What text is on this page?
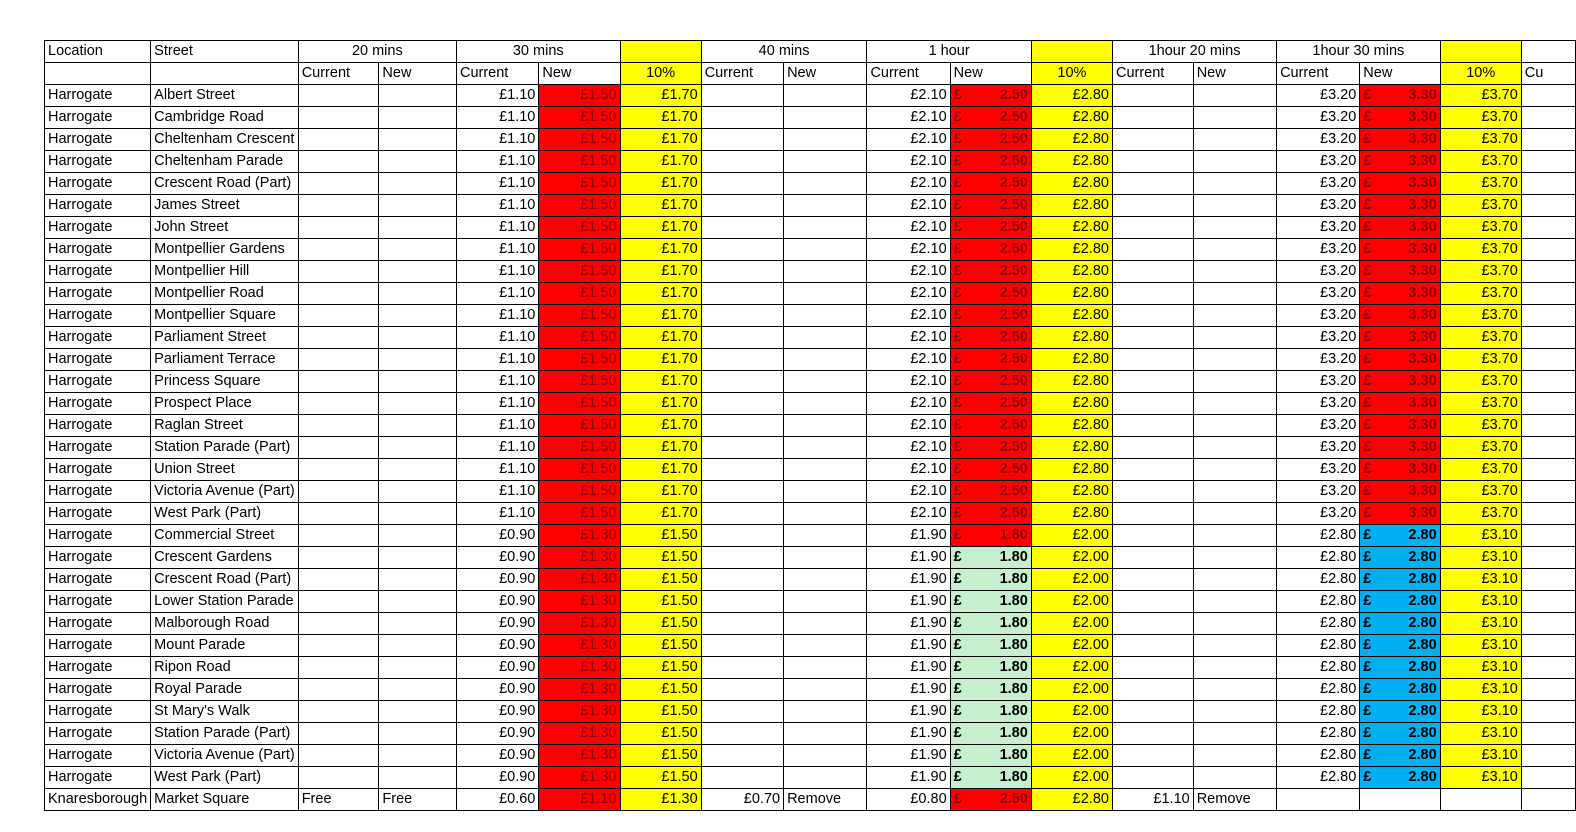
Location	Street	20 mins		30 mins			40 mins		1 hour			1hour 20 mins		1hour 30 mins			
		Current	New	Current	New	10%	Current	New	Current	New	10%	Current	New	Current	New	10%	Cu
Harrogate	Albert Street			£1.10	£1.50	£1.70			£2.10	£ 2.50	£2.80			£3.20	£ 3.30	£3.70	
Harrogate	Cambridge Road			£1.10	£1.50	£1.70			£2.10	£ 2.50	£2.80			£3.20	£ 3.30	£3.70	
Harrogate	Cheltenham Crescent			£1.10	£1.50	£1.70			£2.10	£ 2.50	£2.80			£3.20	£ 3.30	£3.70	
Harrogate	Cheltenham Parade			£1.10	£1.50	£1.70			£2.10	£ 2.50	£2.80			£3.20	£ 3.30	£3.70	
Harrogate	Crescent Road (Part)			£1.10	£1.50	£1.70			£2.10	£ 2.50	£2.80			£3.20	£ 3.30	£3.70	
Harrogate	James Street			£1.10	£1.50	£1.70			£2.10	£ 2.50	£2.80			£3.20	£ 3.30	£3.70	
Harrogate	John Street			£1.10	£1.50	£1.70			£2.10	£ 2.50	£2.80			£3.20	£ 3.30	£3.70	
Harrogate	Montpellier Gardens			£1.10	£1.50	£1.70			£2.10	£ 2.50	£2.80			£3.20	£ 3.30	£3.70	
Harrogate	Montpellier Hill			£1.10	£1.50	£1.70			£2.10	£ 2.50	£2.80			£3.20	£ 3.30	£3.70	
Harrogate	Montpellier Road			£1.10	£1.50	£1.70			£2.10	£ 2.50	£2.80			£3.20	£ 3.30	£3.70	
Harrogate	Montpellier Square			£1.10	£1.50	£1.70			£2.10	£ 2.50	£2.80			£3.20	£ 3.30	£3.70	
Harrogate	Parliament Street			£1.10	£1.50	£1.70			£2.10	£ 2.50	£2.80			£3.20	£ 3.30	£3.70	
Harrogate	Parliament Terrace			£1.10	£1.50	£1.70			£2.10	£ 2.50	£2.80			£3.20	£ 3.30	£3.70	
Harrogate	Princess Square			£1.10	£1.50	£1.70			£2.10	£ 2.50	£2.80			£3.20	£ 3.30	£3.70	
Harrogate	Prospect Place			£1.10	£1.50	£1.70			£2.10	£ 2.50	£2.80			£3.20	£ 3.30	£3.70	
Harrogate	Raglan Street			£1.10	£1.50	£1.70			£2.10	£ 2.50	£2.80			£3.20	£ 3.30	£3.70	
Harrogate	Station Parade (Part)			£1.10	£1.50	£1.70			£2.10	£ 2.50	£2.80			£3.20	£ 3.30	£3.70	
Harrogate	Union Street			£1.10	£1.50	£1.70			£2.10	£ 2.50	£2.80			£3.20	£ 3.30	£3.70	
Harrogate	Victoria Avenue (Part)			£1.10	£1.50	£1.70			£2.10	£ 2.50	£2.80			£3.20	£ 3.30	£3.70	
Harrogate	West Park (Part)			£1.10	£1.50	£1.70			£2.10	£ 2.50	£2.80			£3.20	£ 3.30	£3.70	
Harrogate	Commercial Street			£0.90	£1.30	£1.50			£1.90	£ 1.80	£2.00			£2.80	£ 2.80	£3.10	
Harrogate	Crescent Gardens			£0.90	£1.30	£1.50			£1.90	£ 1.80	£2.00			£2.80	£ 2.80	£3.10	
Harrogate	Crescent Road (Part)			£0.90	£1.30	£1.50			£1.90	£ 1.80	£2.00			£2.80	£ 2.80	£3.10	
Harrogate	Lower Station Parade			£0.90	£1.30	£1.50			£1.90	£ 1.80	£2.00			£2.80	£ 2.80	£3.10	
Harrogate	Malborough Road			£0.90	£1.30	£1.50			£1.90	£ 1.80	£2.00			£2.80	£ 2.80	£3.10	
Harrogate	Mount Parade			£0.90	£1.30	£1.50			£1.90	£ 1.80	£2.00			£2.80	£ 2.80	£3.10	
Harrogate	Ripon Road			£0.90	£1.30	£1.50			£1.90	£ 1.80	£2.00			£2.80	£ 2.80	£3.10	
Harrogate	Royal Parade			£0.90	£1.30	£1.50			£1.90	£ 1.80	£2.00			£2.80	£ 2.80	£3.10	
Harrogate	St Mary's Walk			£0.90	£1.30	£1.50			£1.90	£ 1.80	£2.00			£2.80	£ 2.80	£3.10	
Harrogate	Station Parade (Part)			£0.90	£1.30	£1.50			£1.90	£ 1.80	£2.00			£2.80	£ 2.80	£3.10	
Harrogate	Victoria Avenue (Part)			£0.90	£1.30	£1.50			£1.90	£ 1.80	£2.00			£2.80	£ 2.80	£3.10	
Harrogate	West Park (Part)			£0.90	£1.30	£1.50			£1.90	£ 1.80	£2.00			£2.80	£ 2.80	£3.10	
Knaresborough	Market Square	Free	Free	£0.60	£1.10	£1.30	£0.70	Remove	£0.80	£ 2.50	£2.80	£1.10	Remove				
